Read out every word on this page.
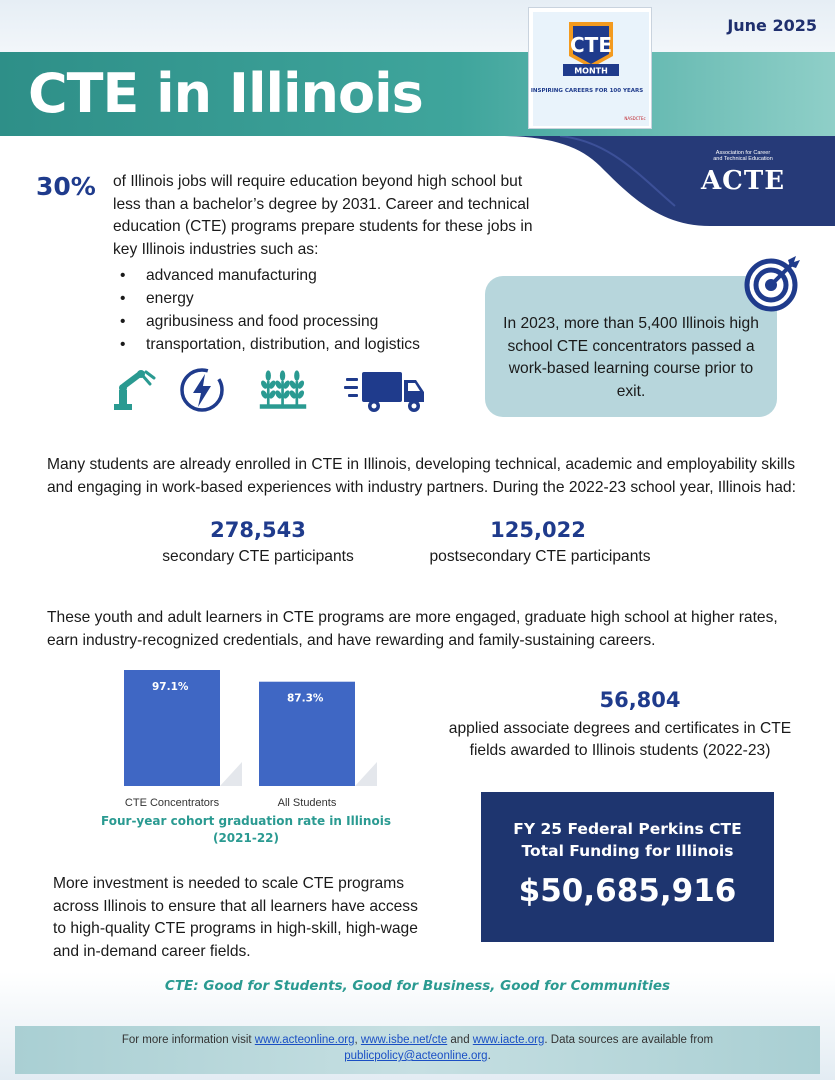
CTE in Illinois
June 2025
CTE
MONTH
INSPIRING CAREERS FOR 100 YEARS
NASDCTEc
Association for Career
and Technical Education
ACTE
30% of Illinois jobs will require education beyond high school but less than a bachelor’s degree by 2031. Career and technical education (CTE) programs prepare students for these jobs in key Illinois industries such as:
• advanced manufacturing
• energy
• agribusiness and food processing
• transportation, distribution, and logistics
In 2023, more than 5,400 Illinois high school CTE concentrators passed a work-based learning course prior to exit.
Many students are already enrolled in CTE in Illinois, developing technical, academic and employability skills and engaging in work-based experiences with industry partners. During the 2022-23 school year, Illinois had:
278,543
secondary CTE participants
125,022
postsecondary CTE participants
These youth and adult learners in CTE programs are more engaged, graduate high school at higher rates, earn industry-recognized credentials, and have rewarding and family-sustaining careers.
97.1%
CTE Concentrators
87.3%
All Students
Four-year cohort graduation rate in Illinois (2021-22)
56,804
applied associate degrees and certificates in CTE fields awarded to Illinois students (2022-23)
FY 25 Federal Perkins CTE
Total Funding for Illinois
$50,685,916
More investment is needed to scale CTE programs across Illinois to ensure that all learners have access to high-quality CTE programs in high-skill, high-wage and in-demand career fields.
CTE: Good for Students, Good for Business, Good for Communities
For more information visit www.acteonline.org, www.isbe.net/cte and www.iacte.org. Data sources are available from
publicpolicy@acteonline.org.
